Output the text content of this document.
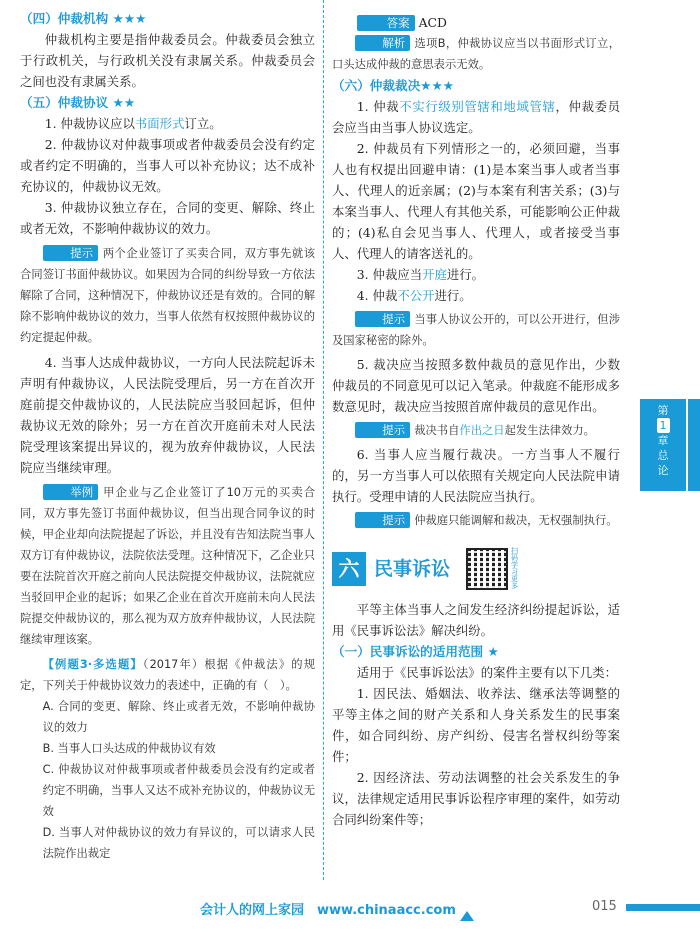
（四）仲裁机构 ★★★

仲裁机构主要是指仲裁委员会。仲裁委员会独立于行政机关，与行政机关没有隶属关系。仲裁委员会之间也没有隶属关系。

（五）仲裁协议 ★★

1. 仲裁协议应以书面形式订立。

2. 仲裁协议对仲裁事项或者仲裁委员会没有约定或者约定不明确的，当事人可以补充协议；达不成补充协议的，仲裁协议无效。

3. 仲裁协议独立存在，合同的变更、解除、终止或者无效，不影响仲裁协议的效力。

提示 两个企业签订了买卖合同，双方事先就该合同签订书面仲裁协议。如果因为合同的纠纷导致一方依法解除了合同，这种情况下，仲裁协议还是有效的。合同的解除不影响仲裁协议的效力，当事人依然有权按照仲裁协议的约定提起仲裁。

4. 当事人达成仲裁协议，一方向人民法院起诉未声明有仲裁协议，人民法院受理后，另一方在首次开庭前提交仲裁协议的，人民法院应当驳回起诉，但仲裁协议无效的除外；另一方在首次开庭前未对人民法院受理该案提出异议的，视为放弃仲裁协议，人民法院应当继续审理。

举例 甲企业与乙企业签订了10万元的买卖合同，双方事先签订书面仲裁协议，但当出现合同争议的时候，甲企业却向法院提起了诉讼，并且没有告知法院当事人双方订有仲裁协议，法院依法受理。这种情况下，乙企业只要在法院首次开庭之前向人民法院提交仲裁协议，法院就应当驳回甲企业的起诉；如果乙企业在首次开庭前未向人民法院提交仲裁协议的，那么视为双方放弃仲裁协议，人民法院继续审理该案。

【例题3·多选题】（2017年）根据《仲裁法》的规定，下列关于仲裁协议效力的表述中，正确的有（　）。

A. 合同的变更、解除、终止或者无效，不影响仲裁协议的效力

B. 当事人口头达成的仲裁协议有效

C. 仲裁协议对仲裁事项或者仲裁委员会没有约定或者约定不明确，当事人又达不成补充协议的，仲裁协议无效

D. 当事人对仲裁协议的效力有异议的，可以请求人民法院作出裁定

答案 ACD

解析 选项B，仲裁协议应当以书面形式订立，口头达成仲裁的意思表示无效。

（六）仲裁裁决★★★

1. 仲裁不实行级别管辖和地域管辖，仲裁委员会应当由当事人协议选定。

2. 仲裁员有下列情形之一的，必须回避，当事人也有权提出回避申请：(1)是本案当事人或者当事人、代理人的近亲属；(2)与本案有利害关系；(3)与本案当事人、代理人有其他关系，可能影响公正仲裁的；(4)私自会见当事人、代理人，或者接受当事人、代理人的请客送礼的。

3. 仲裁应当开庭进行。

4. 仲裁不公开进行。

提示 当事人协议公开的，可以公开进行，但涉及国家秘密的除外。

5. 裁决应当按照多数仲裁员的意见作出，少数仲裁员的不同意见可以记入笔录。仲裁庭不能形成多数意见时，裁决应当按照首席仲裁员的意见作出。

提示 裁决书自作出之日起发生法律效力。

6. 当事人应当履行裁决。一方当事人不履行的，另一方当事人可以依照有关规定向人民法院申请执行。受理申请的人民法院应当执行。

提示 仲裁庭只能调解和裁决，无权强制执行。

六 民事诉讼
扫码学习更多

平等主体当事人之间发生经济纠纷提起诉讼，适用《民事诉讼法》解决纠纷。

（一）民事诉讼的适用范围 ★

适用于《民事诉讼法》的案件主要有以下几类：

1. 因民法、婚姻法、收养法、继承法等调整的平等主体之间的财产关系和人身关系发生的民事案件，如合同纠纷、房产纠纷、侵害名誉权纠纷等案件；

2. 因经济法、劳动法调整的社会关系发生的争议，法律规定适用民事诉讼程序审理的案件，如劳动合同纠纷案件等；

第
1
章
总
论
会计人的网上家园　www.chinaacc.com	015
